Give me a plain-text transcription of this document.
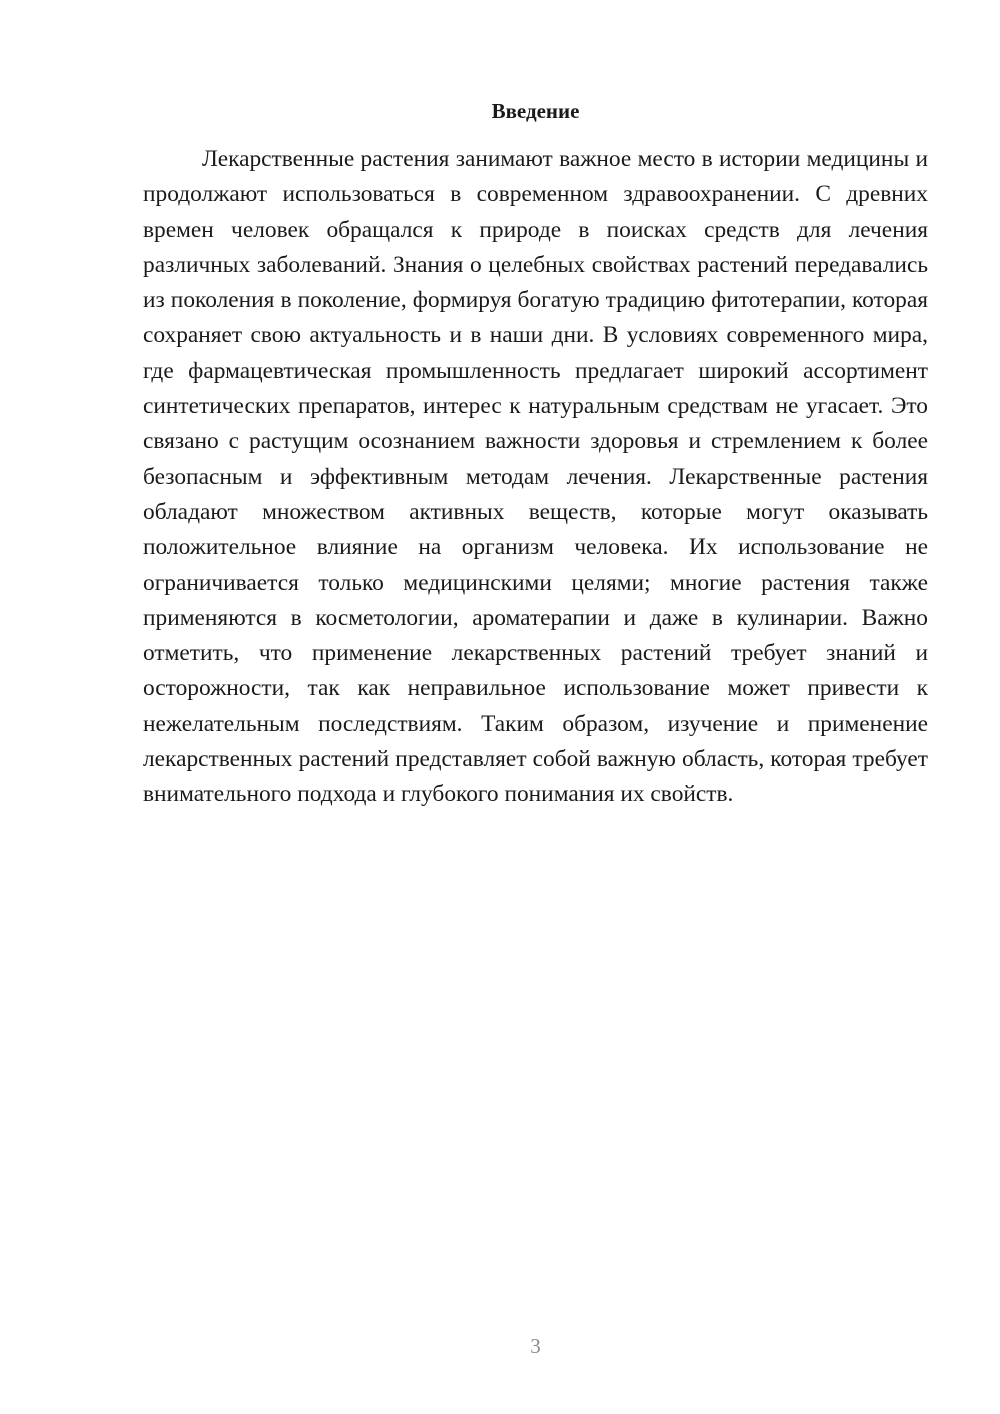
Введение

Лекарственные растения занимают важное место в истории медицины и продолжают использоваться в современном здравоохранении. С древних времен человек обращался к природе в поисках средств для лечения различных заболеваний. Знания о целебных свойствах растений передавались из поколения в поколение, формируя богатую традицию фитотерапии, которая сохраняет свою актуальность и в наши дни. В условиях современного мира, где фармацевтическая промышленность предлагает широкий ассортимент синтетических препаратов, интерес к натуральным средствам не угасает. Это связано с растущим осознанием важности здоровья и стремлением к более безопасным и эффективным методам лечения. Лекарственные растения обладают множеством активных веществ, которые могут оказывать положительное влияние на организм человека. Их использование не ограничивается только медицинскими целями; многие растения также применяются в косметологии, ароматерапии и даже в кулинарии. Важно отметить, что применение лекарственных растений требует знаний и осторожности, так как неправильное использование может привести к нежелательным последствиям. Таким образом, изучение и применение лекарственных растений представляет собой важную область, которая требует внимательного подхода и глубокого понимания их свойств.

3
